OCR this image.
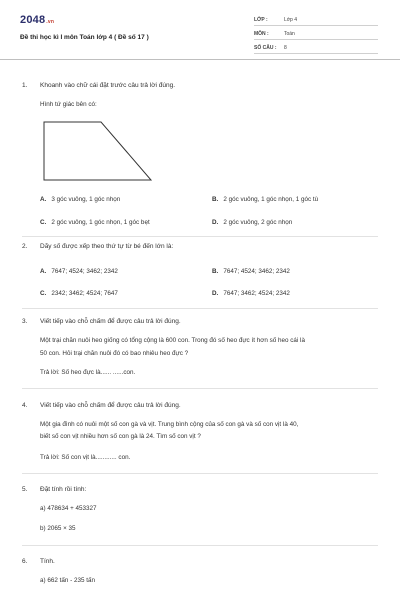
2048.vn
Đề thi học kì I môn Toán lớp 4 ( Đề số 17 )
LỚP :	Lớp 4
MÔN :	Toán
SỐ CÂU : 8
1. Khoanh vào chữ cái đặt trước câu trả lời đúng.
Hình tứ giác bên có:
A. 3 góc vuông, 1 góc nhọn	B. 2 góc vuông, 1 góc nhọn, 1 góc tù
C. 2 góc vuông, 1 góc nhọn, 1 góc bẹt	D. 2 góc vuông, 2 góc nhọn
2. Dãy số được xếp theo thứ tự từ bé đến lớn là:
A. 7647; 4524; 3462; 2342	B. 7647; 4524; 3462; 2342
C. 2342; 3462; 4524; 7647	D. 7647; 3462; 4524; 2342
3. Viết tiếp vào chỗ chấm để được câu trả lời đúng.
Một trại chăn nuôi heo giống có tổng cộng là 600 con. Trong đó số heo đực ít hơn số heo cái là
50 con. Hỏi trại chăn nuôi đó có bao nhiêu heo đực ?
Trả lời: Số heo đực là...... ......con.
4. Viết tiếp vào chỗ chấm để được câu trả lời đúng.
Một gia đình có nuôi một số con gà và vịt. Trung bình cộng của số con gà và số con vịt là 40,
biết số con vịt nhiều hơn số con gà là 24. Tìm số con vịt ?
Trả lời: Số con vịt là............ con.
5. Đặt tính rồi tính:
a) 478634 + 453327
b) 2065 × 35
6. Tính.
a) 662 tấn - 235 tấn
